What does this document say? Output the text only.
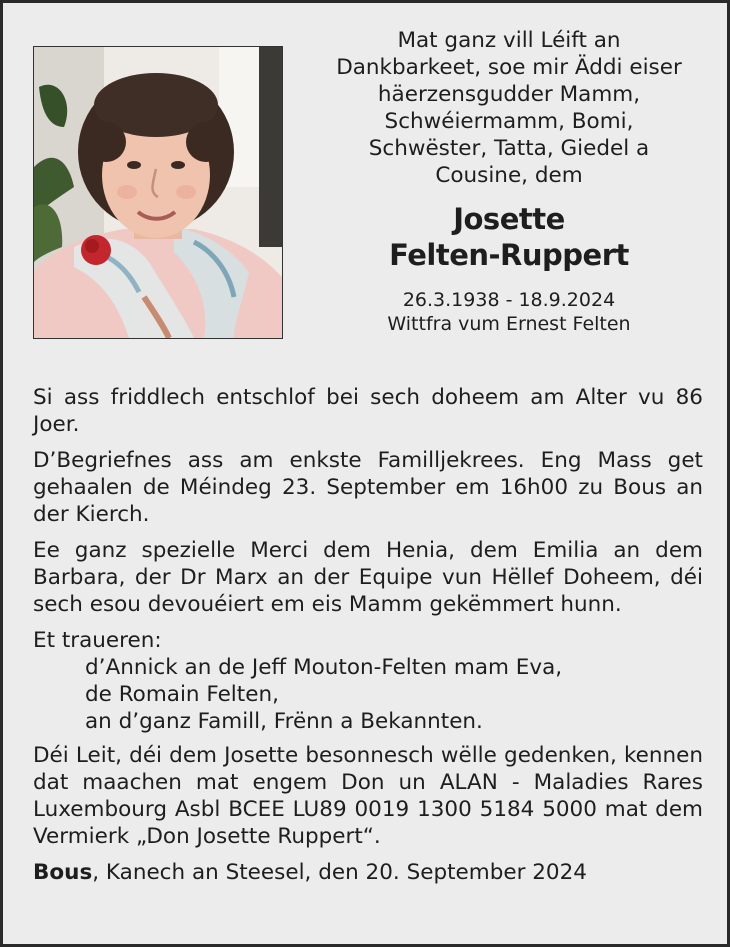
Mat ganz vill Léift an
Dankbarkeet, soe mir Äddi eiser
häerzensgudder Mamm,
Schwéiermamm, Bomi,
Schwëster, Tatta, Giedel a
Cousine, dem
Josette
Felten-Ruppert
26.3.1938 - 18.9.2024
Wittfra vum Ernest Felten

Si ass friddlech entschlof bei sech doheem am Alter vu 86 Joer.

D’Begriefnes ass am enkste Familljekrees. Eng Mass get gehaalen de Méindeg 23. September em 16h00 zu Bous an der Kierch.

Ee ganz spezielle Merci dem Henia, dem Emilia an dem Barbara, der Dr Marx an der Equipe vun Hëllef Doheem, déi sech esou devouéiert em eis Mamm gekëmmert hunn.

Et traueren:

d’Annick an de Jeff Mouton-Felten mam Eva,
de Romain Felten,
an d’ganz Famill, Frënn a Bekannten.

Déi Leit, déi dem Josette besonnesch wëlle gedenken, kennen dat maachen mat engem Don un ALAN - Maladies Rares Luxembourg Asbl BCEE LU89 0019 1300 5184 5000 mat dem Vermierk „Don Josette Ruppert“.

Bous, Kanech an Steesel, den 20. September 2024
